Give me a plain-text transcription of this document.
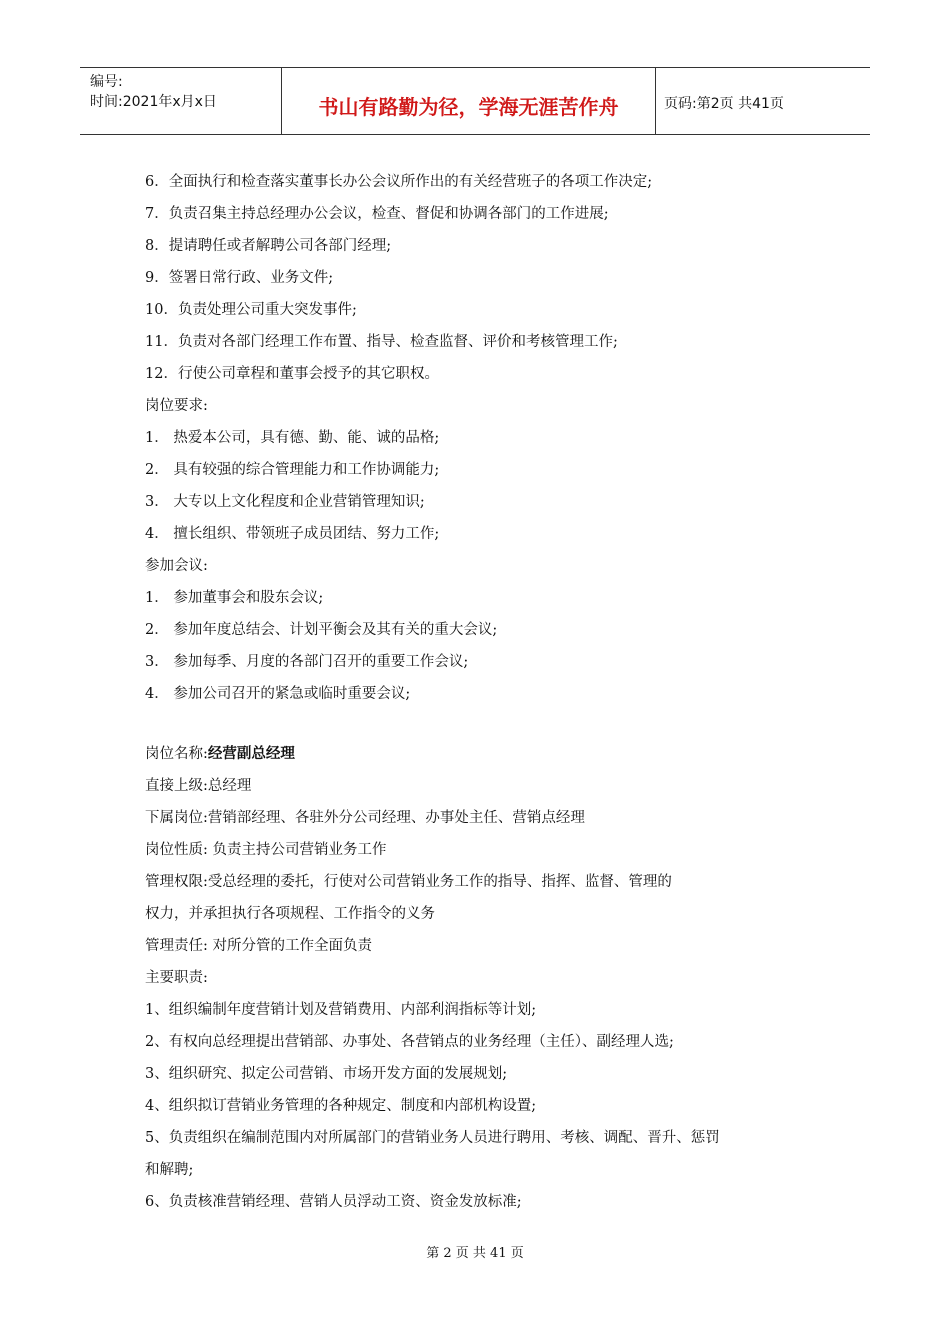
编号:
时间:2021年x月x日	书山有路勤为径，学海无涯苦作舟	页码:第2页 共41页
6．全面执行和检查落实董事长办公会议所作出的有关经营班子的各项工作决定;
7．负责召集主持总经理办公会议，检查、督促和协调各部门的工作进展;
8．提请聘任或者解聘公司各部门经理;
9．签署日常行政、业务文件;
10．负责处理公司重大突发事件;
11．负责对各部门经理工作布置、指导、检查监督、评价和考核管理工作;
12．行使公司章程和董事会授予的其它职权。
岗位要求:
1． 热爱本公司，具有德、勤、能、诚的品格;
2． 具有较强的综合管理能力和工作协调能力;
3． 大专以上文化程度和企业营销管理知识;
4． 擅长组织、带领班子成员团结、努力工作;
参加会议:
1． 参加董事会和股东会议;
2． 参加年度总结会、计划平衡会及其有关的重大会议;
3． 参加每季、月度的各部门召开的重要工作会议;
4． 参加公司召开的紧急或临时重要会议;
岗位名称:经营副总经理
直接上级:总经理
下属岗位:营销部经理、各驻外分公司经理、办事处主任、营销点经理
岗位性质: 负责主持公司营销业务工作
管理权限:受总经理的委托，行使对公司营销业务工作的指导、指挥、监督、管理的
权力，并承担执行各项规程、工作指令的义务
管理责任: 对所分管的工作全面负责
主要职责:
1、组织编制年度营销计划及营销费用、内部利润指标等计划;
2、有权向总经理提出营销部、办事处、各营销点的业务经理（主任）、副经理人选;
3、组织研究、拟定公司营销、市场开发方面的发展规划;
4、组织拟订营销业务管理的各种规定、制度和内部机构设置;
5、负责组织在编制范围内对所属部门的营销业务人员进行聘用、考核、调配、晋升、惩罚
和解聘;
6、负责核准营销经理、营销人员浮动工资、资金发放标准;
第 2 页 共 41 页
